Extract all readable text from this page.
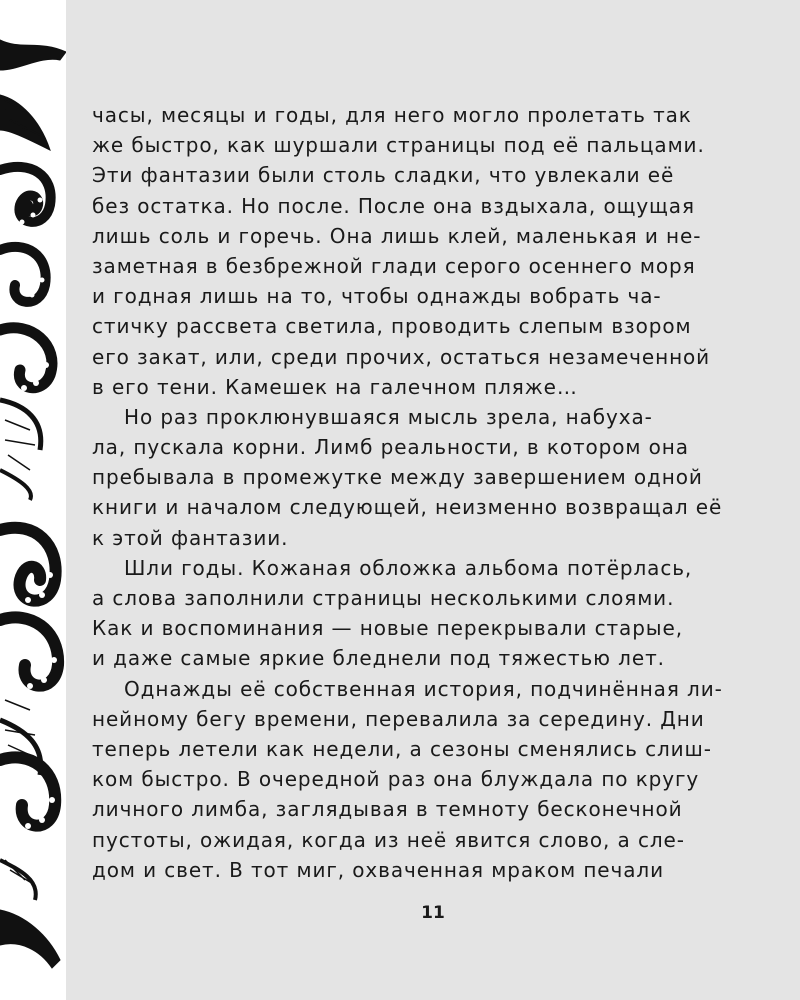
часы, месяцы и годы, для него могло пролетать так
же быстро, как шуршали страницы под её пальцами.
Эти фантазии были столь сладки, что увлекали её
без остатка. Но после. После она вздыхала, ощущая
лишь соль и горечь. Она лишь клей, маленькая и не-
заметная в безбрежной глади серого осеннего моря
и годная лишь на то, чтобы однажды вобрать ча-
стичку рассвета светила, проводить слепым взором
его закат, или, среди прочих, остаться незамеченной
в его тени. Камешек на галечном пляже…
Но раз проклюнувшаяся мысль зрела, набуха-
ла, пускала корни. Лимб реальности, в котором она
пребывала в промежутке между завершением одной
книги и началом следующей, неизменно возвращал её
к этой фантазии.
Шли годы. Кожаная обложка альбома потёрлась,
а слова заполнили страницы несколькими слоями.
Как и воспоминания — новые перекрывали старые,
и даже самые яркие бледнели под тяжестью лет.
Однажды её собственная история, подчинённая ли-
нейному бегу времени, перевалила за середину. Дни
теперь летели как недели, а сезоны сменялись слиш-
ком быстро. В очередной раз она блуждала по кругу
личного лимба, заглядывая в темноту бесконечной
пустоты, ожидая, когда из неё явится слово, а сле-
дом и свет. В тот миг, охваченная мраком печали
11
